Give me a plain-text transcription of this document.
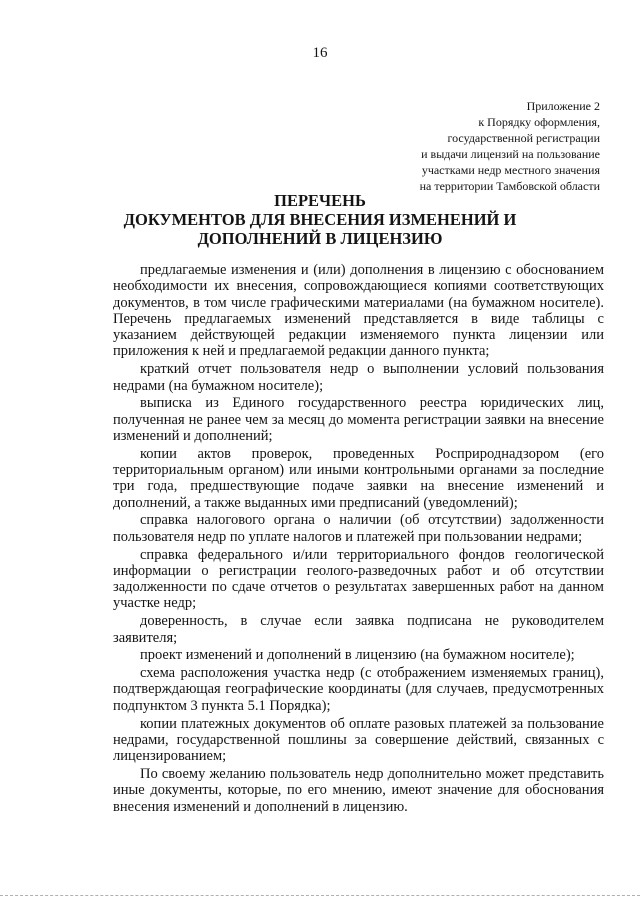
16
Приложение 2
к Порядку оформления,
государственной регистрации
и выдачи лицензий на пользование
участками недр местного значения
на территории Тамбовской области
ПЕРЕЧЕНЬ
ДОКУМЕНТОВ ДЛЯ ВНЕСЕНИЯ ИЗМЕНЕНИЙ И ДОПОЛНЕНИЙ В ЛИЦЕНЗИЮ

предлагаемые изменения и (или) дополнения в лицензию с обоснованием необходимости их внесения, сопровождающиеся копиями соответствующих документов, в том числе графическими материалами (на бумажном носителе). Перечень предлагаемых изменений представляется в виде таблицы с указанием действующей редакции изменяемого пункта лицензии или приложения к ней и предлагаемой редакции данного пункта;

краткий отчет пользователя недр о выполнении условий пользования недрами (на бумажном носителе);

выписка из Единого государственного реестра юридических лиц, полученная не ранее чем за месяц до момента регистрации заявки на внесение изменений и дополнений;

копии актов проверок, проведенных Росприроднадзором (его территориальным органом) или иными контрольными органами за последние три года, предшествующие подаче заявки на внесение изменений и дополнений, а также выданных ими предписаний (уведомлений);

справка налогового органа о наличии (об отсутствии) задолженности пользователя недр по уплате налогов и платежей при пользовании недрами;

справка федерального и/или территориального фондов геологической информации о регистрации геолого-разведочных работ и об отсутствии задолженности по сдаче отчетов о результатах завершенных работ на данном участке недр;

доверенность, в случае если заявка подписана не руководителем заявителя;

проект изменений и дополнений в лицензию (на бумажном носителе);

схема расположения участка недр (с отображением изменяемых границ), подтверждающая географические координаты (для случаев, предусмотренных подпунктом 3 пункта 5.1 Порядка);

копии платежных документов об оплате разовых платежей за пользование недрами, государственной пошлины за совершение действий, связанных с лицензированием;

По своему желанию пользователь недр дополнительно может представить иные документы, которые, по его мнению, имеют значение для обоснования внесения изменений и дополнений в лицензию.
